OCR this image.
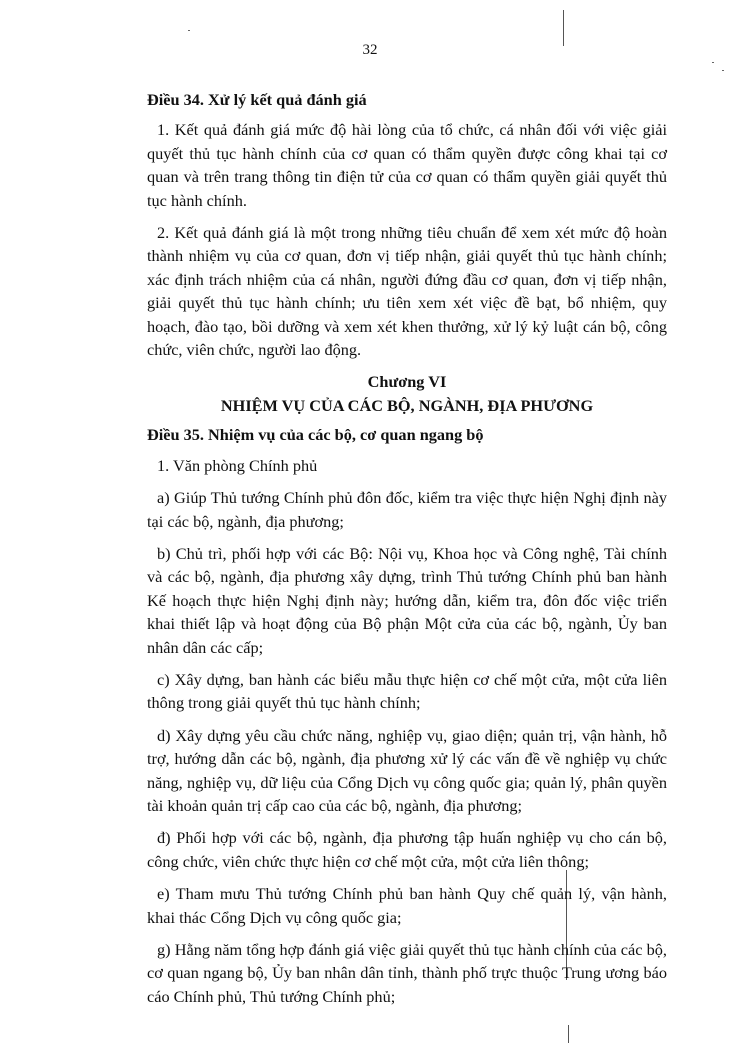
32

Điều 34. Xử lý kết quả đánh giá

1. Kết quả đánh giá mức độ hài lòng của tổ chức, cá nhân đối với việc giải quyết thủ tục hành chính của cơ quan có thẩm quyền được công khai tại cơ quan và trên trang thông tin điện tử của cơ quan có thẩm quyền giải quyết thủ tục hành chính.

2. Kết quả đánh giá là một trong những tiêu chuẩn để xem xét mức độ hoàn thành nhiệm vụ của cơ quan, đơn vị tiếp nhận, giải quyết thủ tục hành chính; xác định trách nhiệm của cá nhân, người đứng đầu cơ quan, đơn vị tiếp nhận, giải quyết thủ tục hành chính; ưu tiên xem xét việc đề bạt, bổ nhiệm, quy hoạch, đào tạo, bồi dưỡng và xem xét khen thưởng, xử lý kỷ luật cán bộ, công chức, viên chức, người lao động.

Chương VI

NHIỆM VỤ CỦA CÁC BỘ, NGÀNH, ĐỊA PHƯƠNG

Điều 35. Nhiệm vụ của các bộ, cơ quan ngang bộ

1. Văn phòng Chính phủ

a) Giúp Thủ tướng Chính phủ đôn đốc, kiểm tra việc thực hiện Nghị định này tại các bộ, ngành, địa phương;

b) Chủ trì, phối hợp với các Bộ: Nội vụ, Khoa học và Công nghệ, Tài chính và các bộ, ngành, địa phương xây dựng, trình Thủ tướng Chính phủ ban hành Kế hoạch thực hiện Nghị định này; hướng dẫn, kiểm tra, đôn đốc việc triển khai thiết lập và hoạt động của Bộ phận Một cửa của các bộ, ngành, Ủy ban nhân dân các cấp;

c) Xây dựng, ban hành các biểu mẫu thực hiện cơ chế một cửa, một cửa liên thông trong giải quyết thủ tục hành chính;

d) Xây dựng yêu cầu chức năng, nghiệp vụ, giao diện; quản trị, vận hành, hỗ trợ, hướng dẫn các bộ, ngành, địa phương xử lý các vấn đề về nghiệp vụ chức năng, nghiệp vụ, dữ liệu của Cổng Dịch vụ công quốc gia; quản lý, phân quyền tài khoản quản trị cấp cao của các bộ, ngành, địa phương;

đ) Phối hợp với các bộ, ngành, địa phương tập huấn nghiệp vụ cho cán bộ, công chức, viên chức thực hiện cơ chế một cửa, một cửa liên thông;

e) Tham mưu Thủ tướng Chính phủ ban hành Quy chế quản lý, vận hành, khai thác Cổng Dịch vụ công quốc gia;

g) Hằng năm tổng hợp đánh giá việc giải quyết thủ tục hành chính của các bộ, cơ quan ngang bộ, Ủy ban nhân dân tỉnh, thành phố trực thuộc Trung ương báo cáo Chính phủ, Thủ tướng Chính phủ;
